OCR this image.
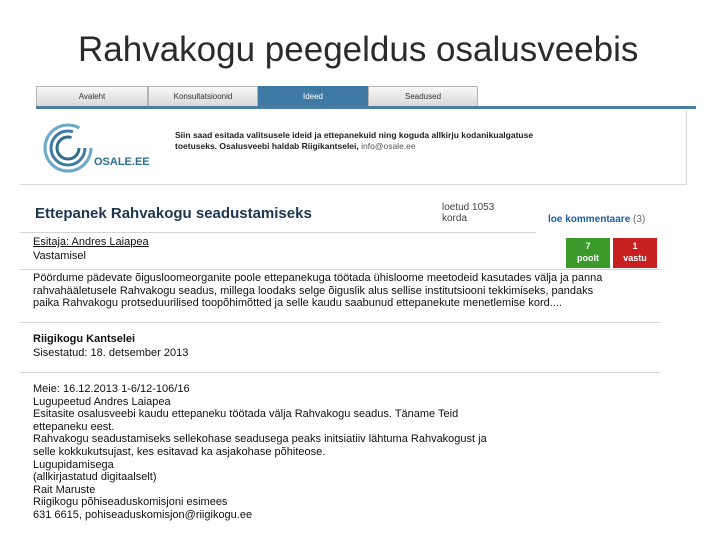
Rahvakogu peegeldus osalusveebis
Avaleht	Konsultatsioonid	Ideed	Seadused
OSALE.EE
Siin saad esitada valitsusele ideid ja ettepanekuid ning koguda allkirju kodanikualgatuse toetuseks. Osalusveebi haldab Riigikantselei, info@osale.ee
Ettepanek Rahvakogu seadustamiseks	loetud 1053
korda	loe kommentaare (3)
Esitaja: Andres Laiapea
Vastamisel
7
poolt
1
vastu
Pöördume pädevate õigusloomeorganite poole ettepanekuga töötada ühisloome meetodeid kasutades välja ja panna
rahvahääletusele Rahvakogu seadus, millega loodaks selge õiguslik alus sellise institutsiooni tekkimiseks, pandaks
paika Rahvakogu protseduurilised toopõhimõtted ja selle kaudu saabunud ettepanekute menetlemise kord....
Riigikogu Kantselei
Sisestatud: 18. detsember 2013
Meie: 16.12.2013 1-6/12-106/16
Lugupeetud Andres Laiapea
Esitasite osalusveebi kaudu ettepaneku töötada välja Rahvakogu seadus. Täname Teid
ettepaneku eest.
Rahvakogu seadustamiseks sellekohase seadusega peaks initsiatiiv lähtuma Rahvakogust ja
selle kokkukutsujast, kes esitavad ka asjakohase põhiteose.
Lugupidamisega
(allkirjastatud digitaalselt)
Rait Maruste
Riigikogu põhiseaduskomisjoni esimees
631 6615, pohiseaduskomisjon@riigikogu.ee
